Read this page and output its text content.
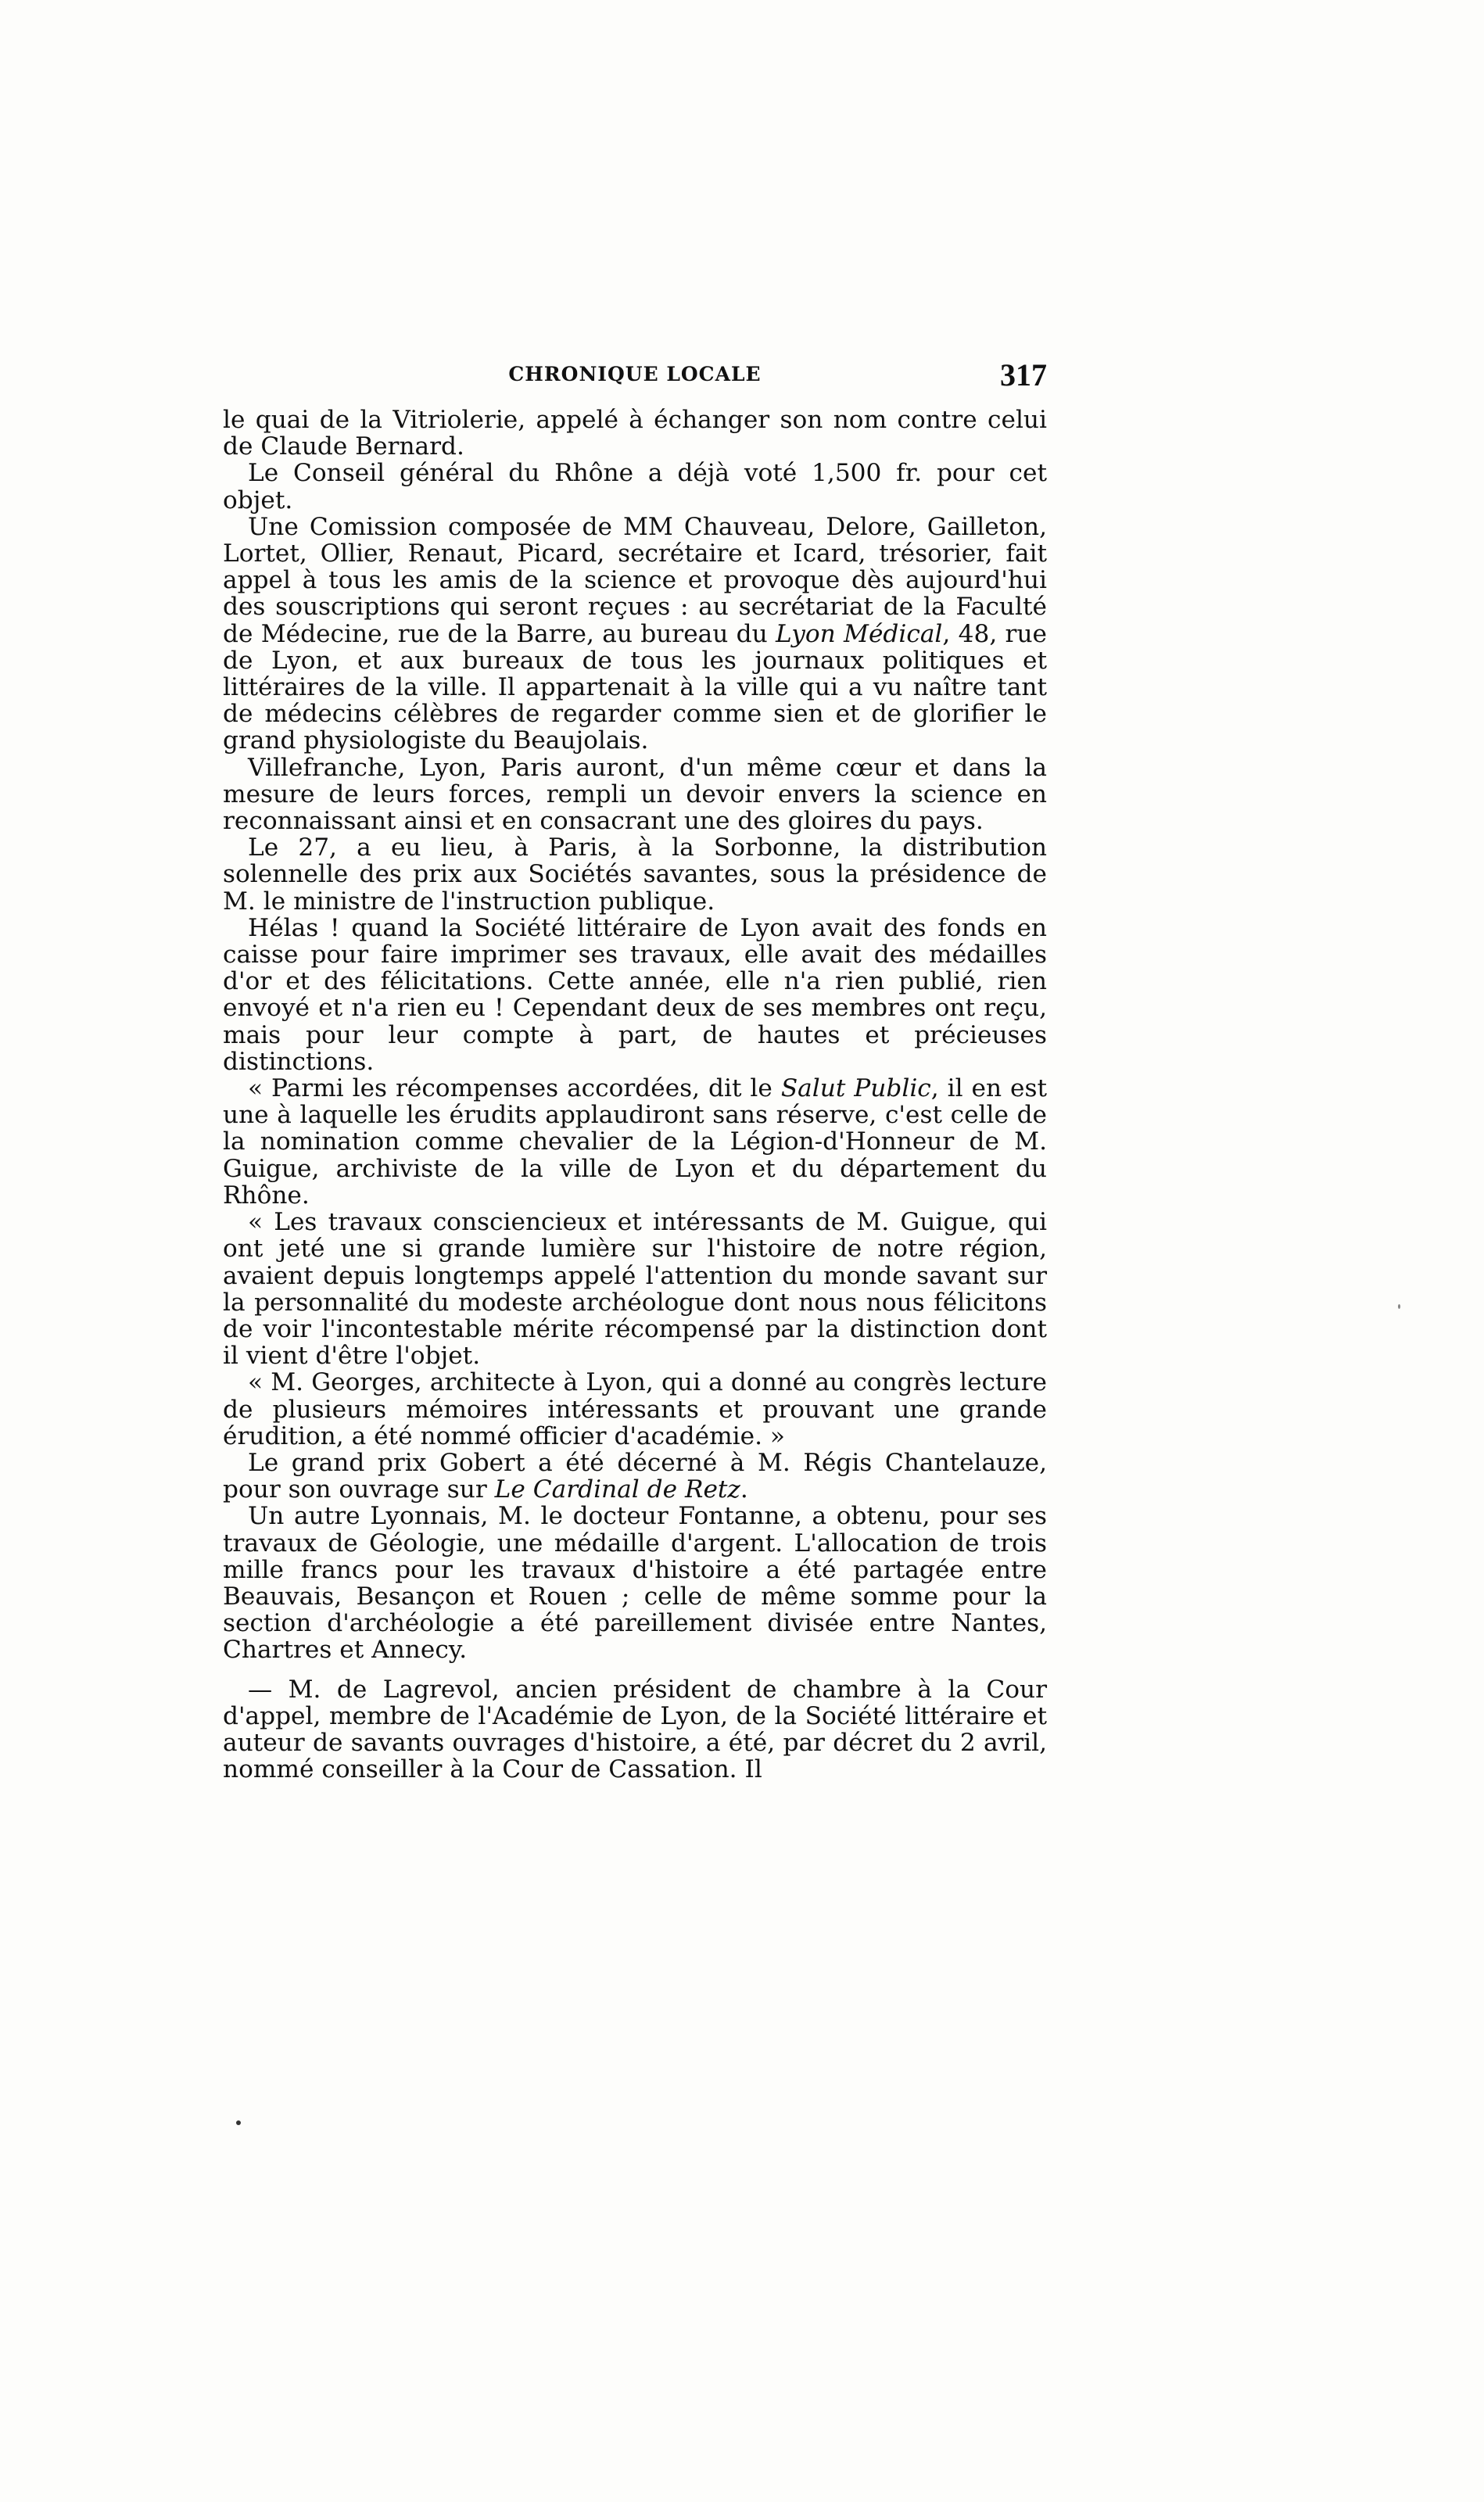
CHRONIQUE LOCALE	317

le quai de la Vitriolerie, appelé à échanger son nom contre celui de Claude Bernard.

Le Conseil général du Rhône a déjà voté 1,500 fr. pour cet objet.

Une Comission composée de MM Chauveau, Delore, Gailleton, Lortet, Ollier, Renaut, Picard, secrétaire et Icard, trésorier, fait appel à tous les amis de la science et provoque dès aujourd'hui des souscriptions qui seront reçues : au secrétariat de la Faculté de Médecine, rue de la Barre, au bureau du Lyon Médical, 48, rue de Lyon, et aux bureaux de tous les journaux politiques et littéraires de la ville. Il appartenait à la ville qui a vu naître tant de médecins célèbres de regarder comme sien et de glorifier le grand physiologiste du Beaujolais.

Villefranche, Lyon, Paris auront, d'un même cœur et dans la mesure de leurs forces, rempli un devoir envers la science en reconnaissant ainsi et en consacrant une des gloires du pays.

Le 27, a eu lieu, à Paris, à la Sorbonne, la distribution solennelle des prix aux Sociétés savantes, sous la présidence de M. le ministre de l'instruction publique.

Hélas ! quand la Société littéraire de Lyon avait des fonds en caisse pour faire imprimer ses travaux, elle avait des médailles d'or et des félicitations. Cette année, elle n'a rien publié, rien envoyé et n'a rien eu ! Cependant deux de ses membres ont reçu, mais pour leur compte à part, de hautes et précieuses distinctions.

« Parmi les récompenses accordées, dit le Salut Public, il en est une à laquelle les érudits applaudiront sans réserve, c'est celle de la nomination comme chevalier de la Légion-d'Honneur de M. Guigue, archiviste de la ville de Lyon et du département du Rhône.

« Les travaux consciencieux et intéressants de M. Guigue, qui ont jeté une si grande lumière sur l'histoire de notre région, avaient depuis longtemps appelé l'attention du monde savant sur la personnalité du modeste archéologue dont nous nous félicitons de voir l'incontestable mérite récompensé par la distinction dont il vient d'être l'objet.

« M. Georges, architecte à Lyon, qui a donné au congrès lecture de plusieurs mémoires intéressants et prouvant une grande érudition, a été nommé officier d'académie. »

Le grand prix Gobert a été décerné à M. Régis Chantelauze, pour son ouvrage sur Le Cardinal de Retz.

Un autre Lyonnais, M. le docteur Fontanne, a obtenu, pour ses travaux de Géologie, une médaille d'argent. L'allocation de trois mille francs pour les travaux d'histoire a été partagée entre Beauvais, Besançon et Rouen ; celle de même somme pour la section d'archéologie a été pareillement divisée entre Nantes, Chartres et Annecy.

— M. de Lagrevol, ancien président de chambre à la Cour d'appel, membre de l'Académie de Lyon, de la Société littéraire et auteur de savants ouvrages d'histoire, a été, par décret du 2 avril, nommé conseiller à la Cour de Cassation. Il
